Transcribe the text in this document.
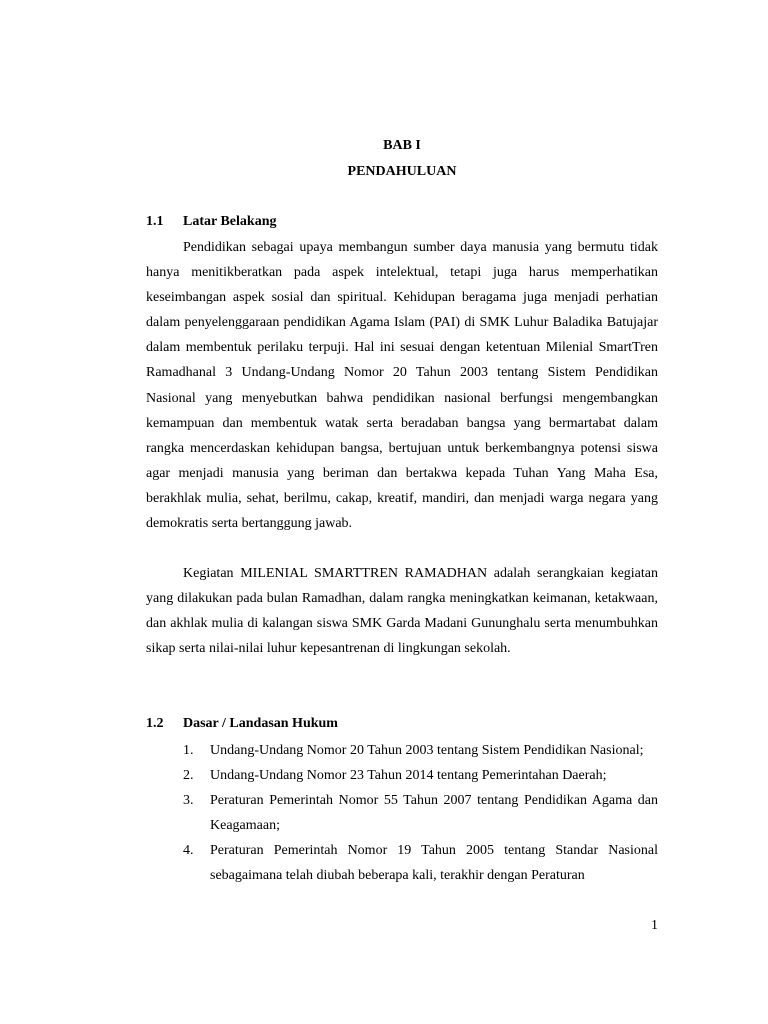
BAB I
PENDAHULUAN
1.1 Latar Belakang

Pendidikan sebagai upaya membangun sumber daya manusia yang bermutu tidak hanya menitikberatkan pada aspek intelektual, tetapi juga harus memperhatikan keseimbangan aspek sosial dan spiritual. Kehidupan beragama juga menjadi perhatian dalam penyelenggaraan pendidikan Agama Islam (PAI) di SMK Luhur Baladika Batujajar dalam membentuk perilaku terpuji. Hal ini sesuai dengan ketentuan Milenial SmartTren Ramadhanal 3 Undang-Undang Nomor 20 Tahun 2003 tentang Sistem Pendidikan Nasional yang menyebutkan bahwa pendidikan nasional berfungsi mengembangkan kemampuan dan membentuk watak serta beradaban bangsa yang bermartabat dalam rangka mencerdaskan kehidupan bangsa, bertujuan untuk berkembangnya potensi siswa agar menjadi manusia yang beriman dan bertakwa kepada Tuhan Yang Maha Esa, berakhlak mulia, sehat, berilmu, cakap, kreatif, mandiri, dan menjadi warga negara yang demokratis serta bertanggung jawab.

Kegiatan MILENIAL SMARTTREN RAMADHAN adalah serangkaian kegiatan yang dilakukan pada bulan Ramadhan, dalam rangka meningkatkan keimanan, ketakwaan, dan akhlak mulia di kalangan siswa SMK Garda Madani Gununghalu serta menumbuhkan sikap serta nilai-nilai luhur kepesantrenan di lingkungan sekolah.

1.2 Dasar / Landasan Hukum
1. Undang-Undang Nomor 20 Tahun 2003 tentang Sistem Pendidikan Nasional;
2. Undang-Undang Nomor 23 Tahun 2014 tentang Pemerintahan Daerah;
3. Peraturan Pemerintah Nomor 55 Tahun 2007 tentang Pendidikan Agama dan Keagamaan;
4. Peraturan Pemerintah Nomor 19 Tahun 2005 tentang Standar Nasional sebagaimana telah diubah beberapa kali, terakhir dengan Peraturan
1
